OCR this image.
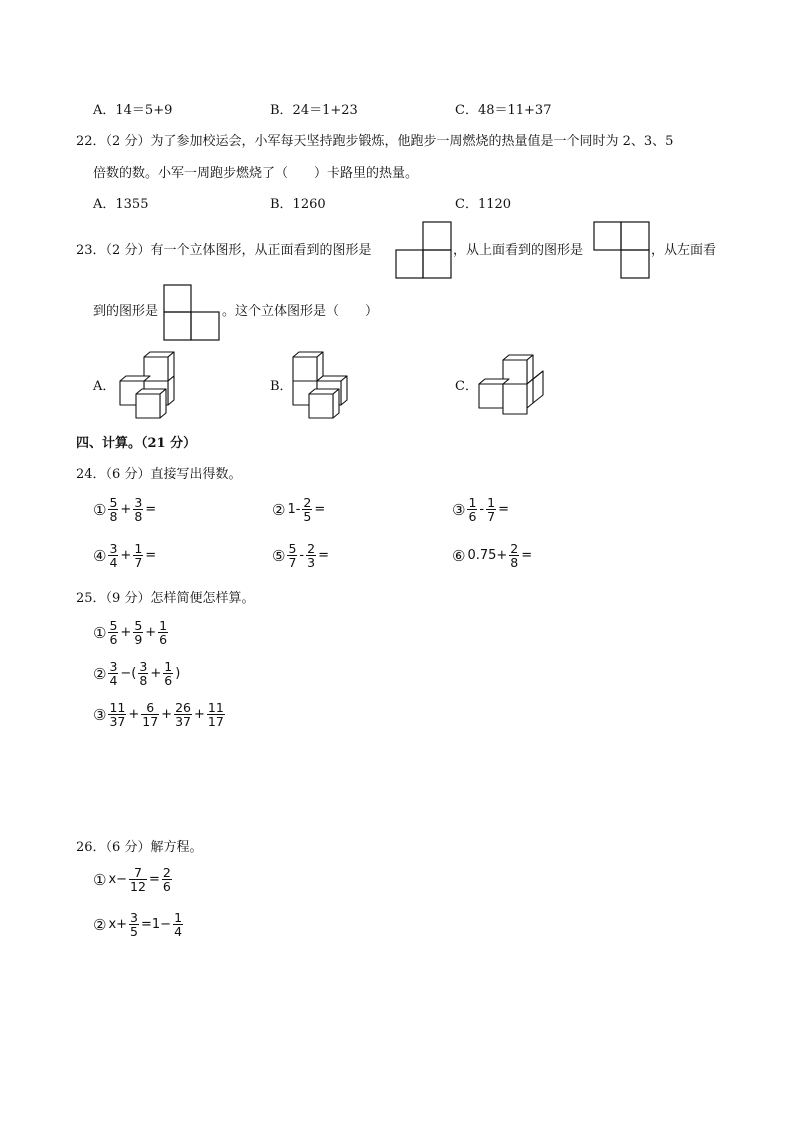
A．14＝5+9	B．24＝1+23	C．48＝11+37
22．（2 分）为了参加校运会，小军每天坚持跑步锻炼，他跑步一周燃烧的热量值是一个同时为 2、3、5
倍数的数。小军一周跑步燃烧了（　　）卡路里的热量。
A．1355	B．1260	C．1120
23．（2 分）有一个立体图形，从正面看到的图形是	，从上面看到的图形是	，从左面看
到的图形是	。这个立体图形是（　　）
A．	B．	C．
四、计算。（21 分）
24．（6 分）直接写出得数。
① $\frac{5}{8} + \frac{3}{8}$ =	② $1- \frac{2}{5}$ =	③ $\frac{1}{6} - \frac{1}{7}$ =
④ $\frac{3}{4} + \frac{1}{7}$ =	⑤ $\frac{5}{7} - \frac{2}{3}$ =	⑥ $0.75+ \frac{2}{8}$ =
25．（9 分）怎样简便怎样算。
① $\frac{5}{6} + \frac{5}{9} + \frac{1}{6}$
② $\frac{3}{4}$ −( $\frac{3}{8} + \frac{1}{6}$ )
③ $\frac{11}{37} + \frac{6}{17} + \frac{26}{37} + \frac{11}{17}$
26．（6 分）解方程。
① $x- \frac{7}{12} = \frac{2}{6}$
② $x+ \frac{3}{5} =1- \frac{1}{4}$
